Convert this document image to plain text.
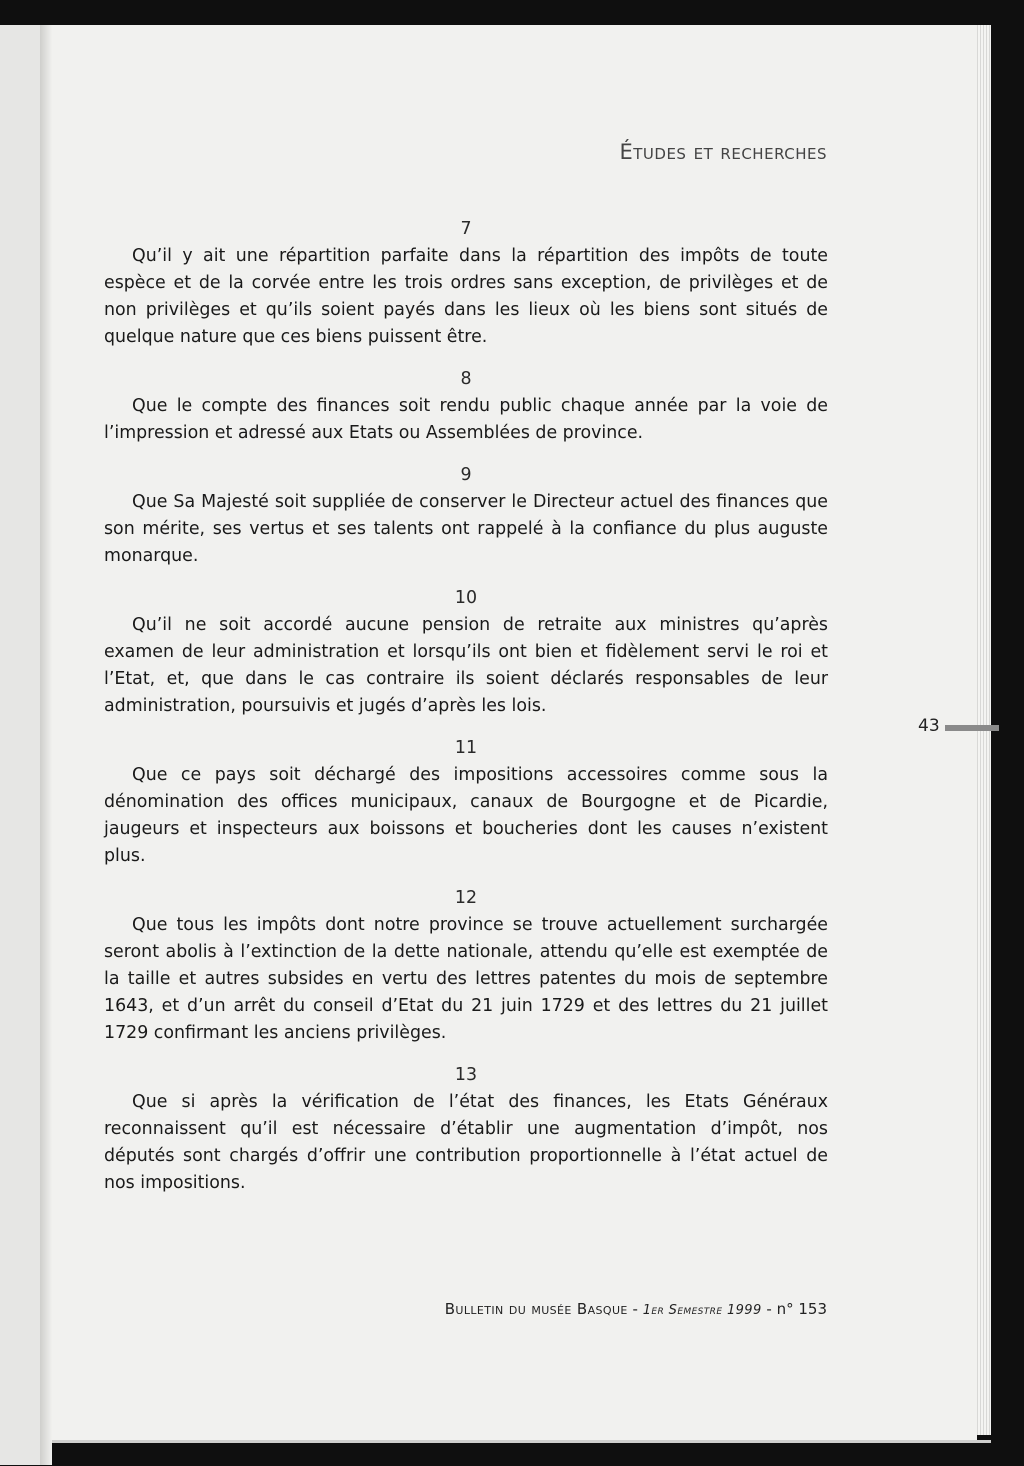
Études et recherches
7
Qu’il y ait une répartition parfaite dans la répartition des impôts de toute espèce et de la corvée entre les trois ordres sans exception, de privilèges et de non privilèges et qu’ils soient payés dans les lieux où les biens sont situés de quelque nature que ces biens puissent être.
8
Que le compte des finances soit rendu public chaque année par la voie de l’impression et adressé aux Etats ou Assemblées de province.
9
Que Sa Majesté soit suppliée de conserver le Directeur actuel des finances que son mérite, ses vertus et ses talents ont rappelé à la confiance du plus auguste monarque.
10
Qu’il ne soit accordé aucune pension de retraite aux ministres qu’après examen de leur administration et lorsqu’ils ont bien et fidèlement servi le roi et l’Etat, et, que dans le cas contraire ils soient déclarés responsables de leur administration, poursuivis et jugés d’après les lois.
11
Que ce pays soit déchargé des impositions accessoires comme sous la dénomination des offices municipaux, canaux de Bourgogne et de Picardie, jaugeurs et inspecteurs aux boissons et boucheries dont les causes n’existent plus.
12
Que tous les impôts dont notre province se trouve actuellement surchargée seront abolis à l’extinction de la dette nationale, attendu qu’elle est exemptée de la taille et autres subsides en vertu des lettres patentes du mois de septembre 1643, et d’un arrêt du conseil d’Etat du 21 juin 1729 et des lettres du 21 juillet 1729 confirmant les anciens privilèges.
13
Que si après la vérification de l’état des finances, les Etats Généraux reconnaissent qu’il est nécessaire d’établir une augmentation d’impôt, nos députés sont chargés d’offrir une contribution proportionnelle à l’état actuel de nos impositions.
43
Bulletin du musée Basque - 1er Semestre 1999 - n° 153
